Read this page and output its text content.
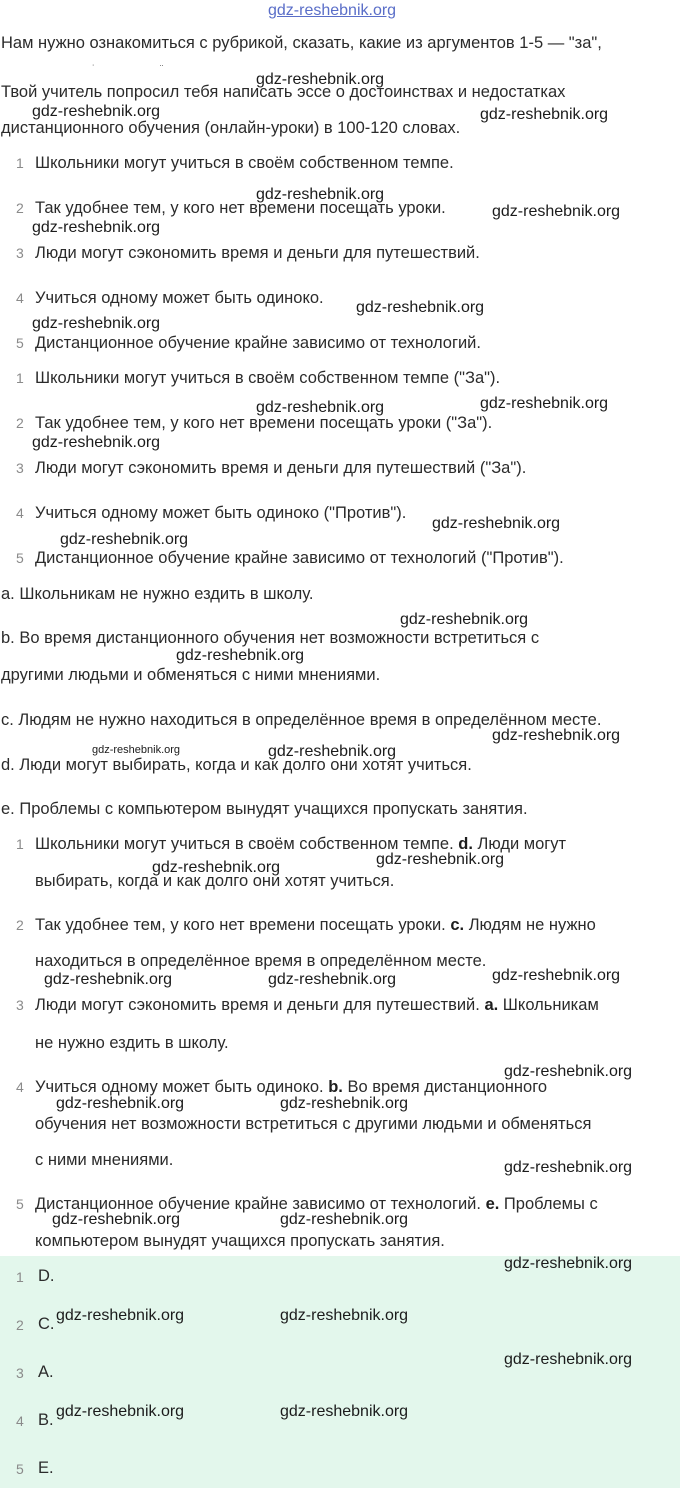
gdz-reshebnik.org
Нам нужно ознакомиться с рубрикой, сказать, какие из аргументов 1-5 — "за",
˙	¨
Твой учитель попросил тебя написать эссе о достоинствах и недостатках
дистанционного обучения (онлайн-уроки) в 100-120 словах.
1 Школьники могут учиться в своём собственном темпе.
2 Так удобнее тем, у кого нет времени посещать уроки.
3 Люди могут сэкономить время и деньги для путешествий.
4 Учиться одному может быть одиноко.
5 Дистанционное обучение крайне зависимо от технологий.
1 Школьники могут учиться в своём собственном темпе ("За").
2 Так удобнее тем, у кого нет времени посещать уроки ("За").
3 Люди могут сэкономить время и деньги для путешествий ("За").
4 Учиться одному может быть одиноко ("Против").
5 Дистанционное обучение крайне зависимо от технологий ("Против").
a. Школьникам не нужно ездить в школу.
b. Во время дистанционного обучения нет возможности встретиться с
другими людьми и обменяться с ними мнениями.
c. Людям не нужно находиться в определённое время в определённом месте.
d. Люди могут выбирать, когда и как долго они хотят учиться.
e. Проблемы с компьютером вынудят учащихся пропускать занятия.
1 Школьники могут учиться в своём собственном темпе. d. Люди могут
выбирать, когда и как долго они хотят учиться.
2 Так удобнее тем, у кого нет времени посещать уроки. c. Людям не нужно
находиться в определённое время в определённом месте.
3 Люди могут сэкономить время и деньги для путешествий. a. Школьникам
не нужно ездить в школу.
4 Учиться одному может быть одиноко. b. Во время дистанционного
обучения нет возможности встретиться с другими людьми и обменяться
с ними мнениями.
5 Дистанционное обучение крайне зависимо от технологий. e. Проблемы с
компьютером вынудят учащихся пропускать занятия.
1 D.
2 C.
3 A.
4 B.
5 E.
gdz-reshebnik.org
gdz-reshebnik.org	gdz-reshebnik.org
gdz-reshebnik.org
gdz-reshebnik.org
gdz-reshebnik.org
gdz-reshebnik.org
gdz-reshebnik.org
gdz-reshebnik.org
gdz-reshebnik.org
gdz-reshebnik.org
gdz-reshebnik.org
gdz-reshebnik.org
gdz-reshebnik.org
gdz-reshebnik.org
gdz-reshebnik.org
gdz-reshebnik.org	gdz-reshebnik.org
gdz-reshebnik.org
gdz-reshebnik.org
gdz-reshebnik.org
gdz-reshebnik.org	gdz-reshebnik.org
gdz-reshebnik.org
gdz-reshebnik.org	gdz-reshebnik.org
gdz-reshebnik.org
gdz-reshebnik.org	gdz-reshebnik.org
gdz-reshebnik.org
gdz-reshebnik.org	gdz-reshebnik.org
gdz-reshebnik.org
gdz-reshebnik.org	gdz-reshebnik.org
